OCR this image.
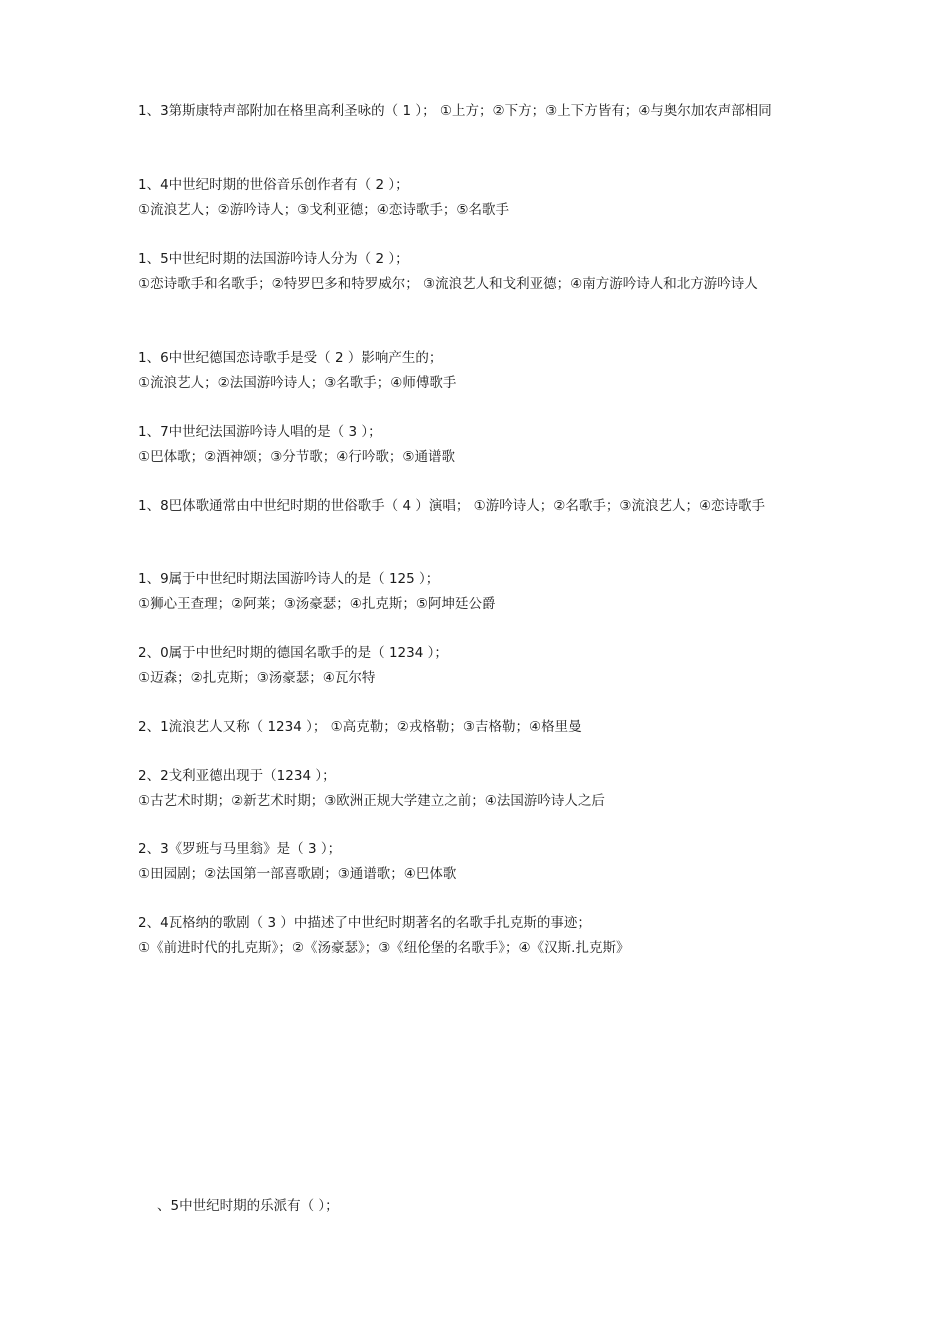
1、3第斯康特声部附加在格里高利圣咏的（ 1 ）； ①上方；②下方；③上下方皆有；④与奥尔加农声部相同
1、4中世纪时期的世俗音乐创作者有（ 2 ）；
①流浪艺人；②游吟诗人；③戈利亚德；④恋诗歌手；⑤名歌手
1、5中世纪时期的法国游吟诗人分为（ 2 ）；
①恋诗歌手和名歌手；②特罗巴多和特罗威尔； ③流浪艺人和戈利亚德；④南方游吟诗人和北方游吟诗人
1、6中世纪德国恋诗歌手是受（ 2 ）影响产生的；
①流浪艺人；②法国游吟诗人；③名歌手；④师傅歌手
1、7中世纪法国游吟诗人唱的是（ 3 ）；
①巴体歌；②酒神颂；③分节歌；④行吟歌；⑤通谱歌
1、8巴体歌通常由中世纪时期的世俗歌手（ 4 ）演唱； ①游吟诗人；②名歌手；③流浪艺人；④恋诗歌手
1、9属于中世纪时期法国游吟诗人的是（ 125 ）；
①狮心王查理；②阿莱；③汤豪瑟；④扎克斯；⑤阿坤廷公爵
2、0属于中世纪时期的德国名歌手的是（ 1234 ）；
①迈森；②扎克斯；③汤豪瑟；④瓦尔特
2、1流浪艺人又称（ 1234 ）； ①高克勒；②戎格勒；③吉格勒；④格里曼
2、2戈利亚德出现于（1234 ）；
①古艺术时期；②新艺术时期；③欧洲正规大学建立之前；④法国游吟诗人之后
2、3《罗班与马里翁》是（ 3 ）；
①田园剧；②法国第一部喜歌剧；③通谱歌；④巴体歌
2、4瓦格纳的歌剧（ 3 ）中描述了中世纪时期著名的名歌手扎克斯的事迹；
①《前进时代的扎克斯》；②《汤豪瑟》；③《纽伦堡的名歌手》；④《汉斯.扎克斯》
、5中世纪时期的乐派有（ ）；
